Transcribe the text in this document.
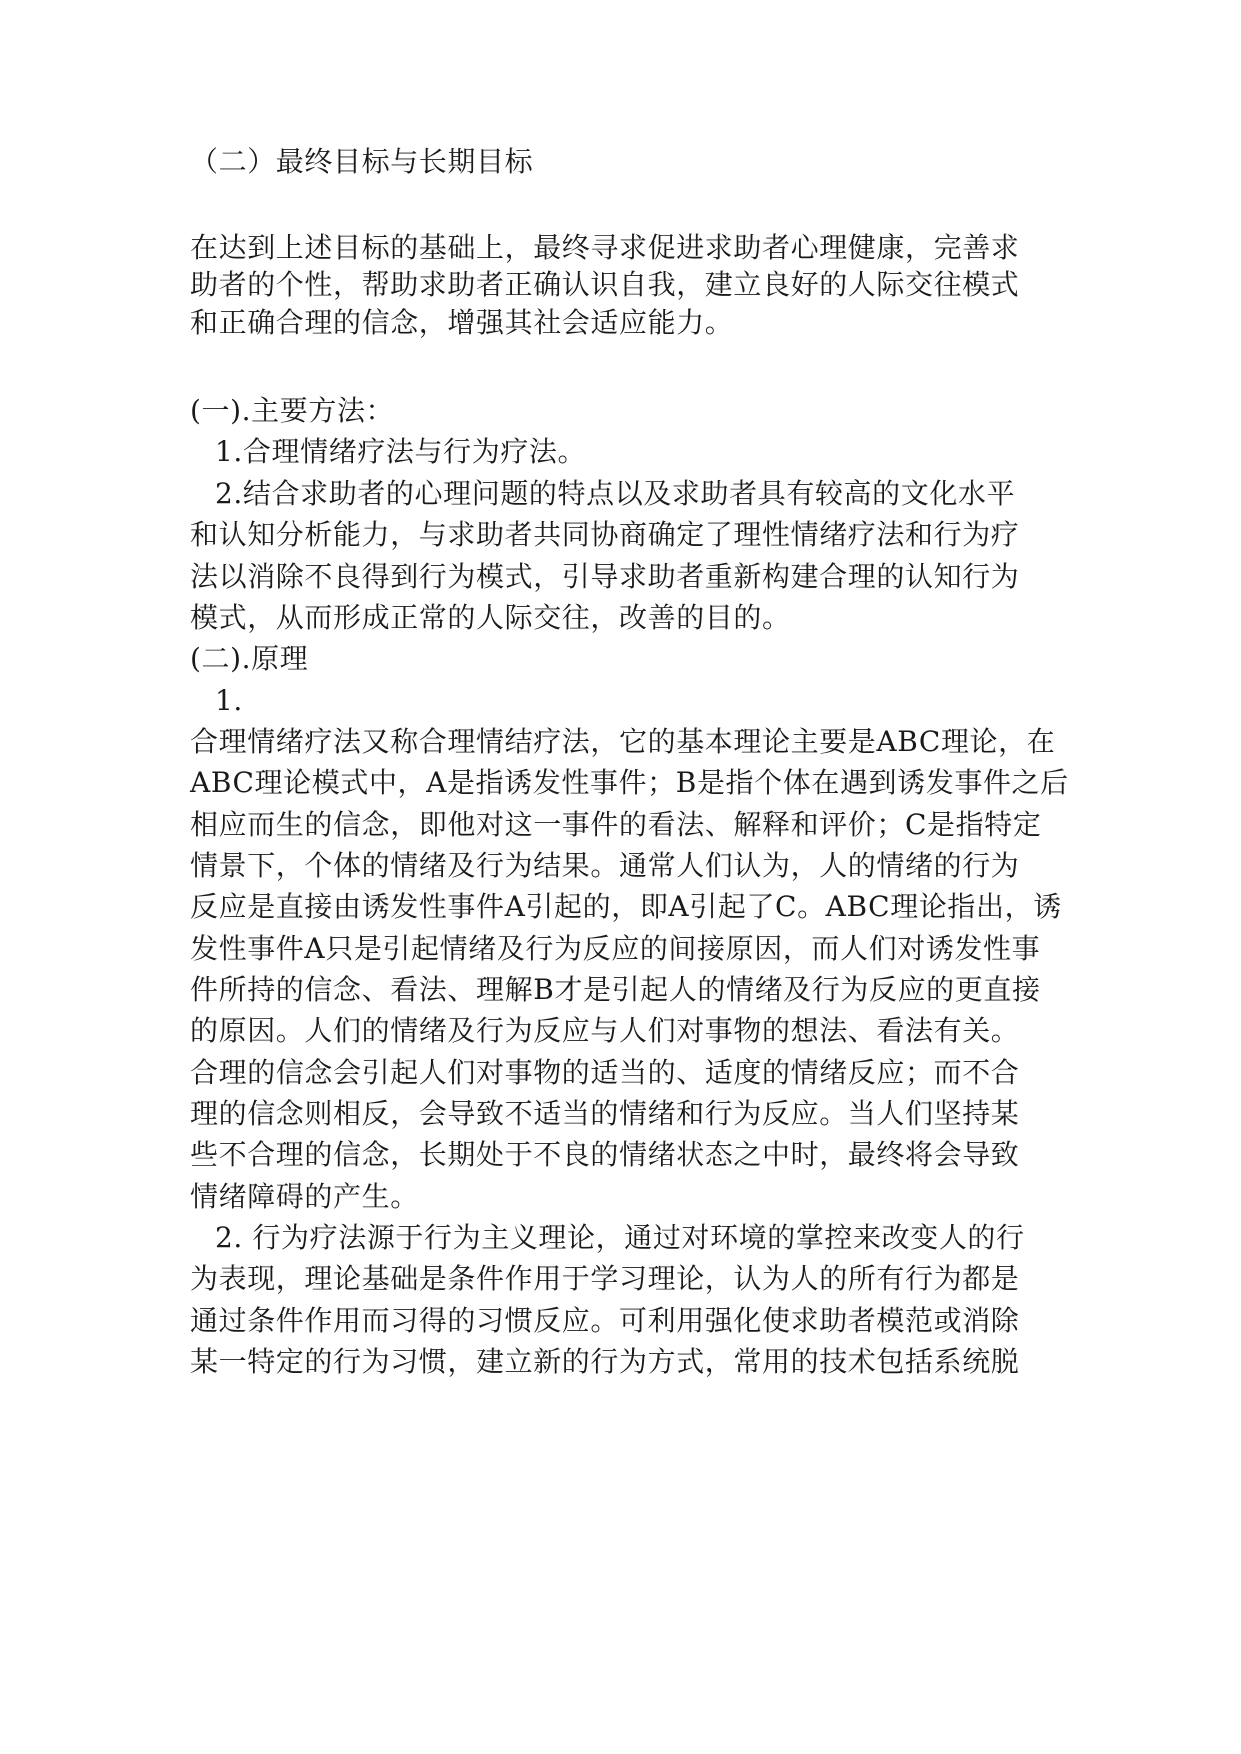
（二）最终目标与长期目标
在达到上述目标的基础上，最终寻求促进求助者心理健康，完善求
助者的个性，帮助求助者正确认识自我，建立良好的人际交往模式
和正确合理的信念，增强其社会适应能力。
(一).主要方法：
1.合理情绪疗法与行为疗法。
2.结合求助者的心理问题的特点以及求助者具有较高的文化水平
和认知分析能力，与求助者共同协商确定了理性情绪疗法和行为疗
法以消除不良得到行为模式，引导求助者重新构建合理的认知行为
模式，从而形成正常的人际交往，改善的目的。
(二).原理
1.
合理情绪疗法又称合理情结疗法，它的基本理论主要是ABC理论，在
ABC理论模式中，A是指诱发性事件；B是指个体在遇到诱发事件之后
相应而生的信念，即他对这一事件的看法、解释和评价；C是指特定
情景下，个体的情绪及行为结果。通常人们认为，人的情绪的行为
反应是直接由诱发性事件A引起的，即A引起了C。ABC理论指出，诱
发性事件A只是引起情绪及行为反应的间接原因，而人们对诱发性事
件所持的信念、看法、理解B才是引起人的情绪及行为反应的更直接
的原因。人们的情绪及行为反应与人们对事物的想法、看法有关。
合理的信念会引起人们对事物的适当的、适度的情绪反应；而不合
理的信念则相反，会导致不适当的情绪和行为反应。当人们坚持某
些不合理的信念，长期处于不良的情绪状态之中时，最终将会导致
情绪障碍的产生。
2. 行为疗法源于行为主义理论，通过对环境的掌控来改变人的行
为表现，理论基础是条件作用于学习理论，认为人的所有行为都是
通过条件作用而习得的习惯反应。可利用强化使求助者模范或消除
某一特定的行为习惯，建立新的行为方式，常用的技术包括系统脱
